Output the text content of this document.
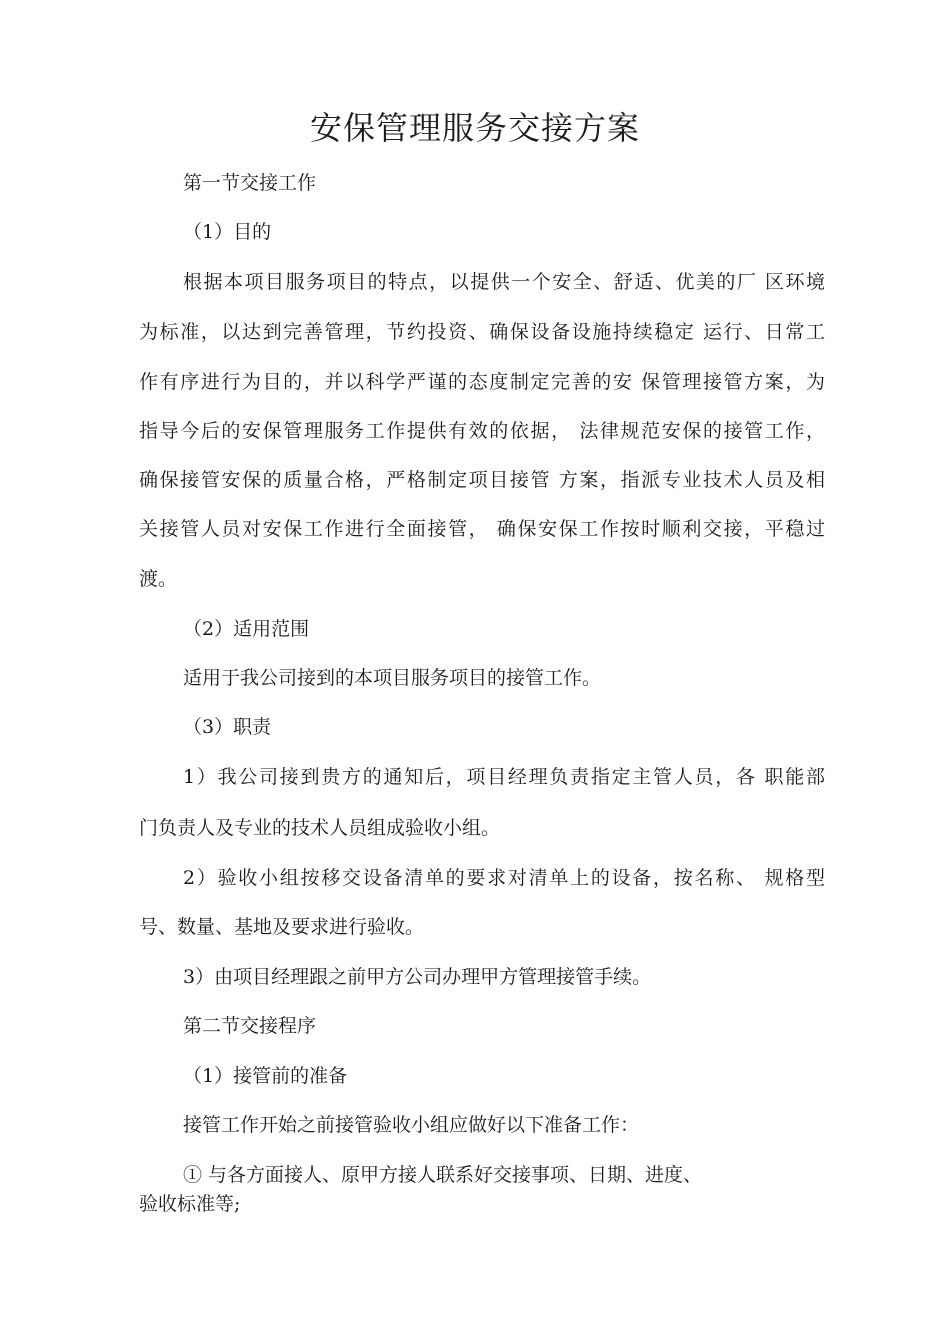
安保管理服务交接方案

第一节交接工作

（1）目的

根据本项目服务项目的特点，以提供一个安全、舒适、优美的厂 区环境

为标准，以达到完善管理，节约投资、确保设备设施持续稳定 运行、日常工

作有序进行为目的，并以科学严谨的态度制定完善的安 保管理接管方案，为

指导今后的安保管理服务工作提供有效的依据， 法律规范安保的接管工作，

确保接管安保的质量合格，严格制定项目接管 方案，指派专业技术人员及相

关接管人员对安保工作进行全面接管， 确保安保工作按时顺利交接，平稳过

渡。

（2）适用范围

适用于我公司接到的本项目服务项目的接管工作。

（3）职责

1）我公司接到贵方的通知后，项目经理负责指定主管人员，各 职能部

门负责人及专业的技术人员组成验收小组。

2）验收小组按移交设备清单的要求对清单上的设备，按名称、 规格型

号、数量、基地及要求进行验收。

3）由项目经理跟之前甲方公司办理甲方管理接管手续。

第二节交接程序

（1）接管前的准备

接管工作开始之前接管验收小组应做好以下准备工作：

① 与各方面接人、原甲方接人联系好交接事项、日期、进度、

验收标准等;
